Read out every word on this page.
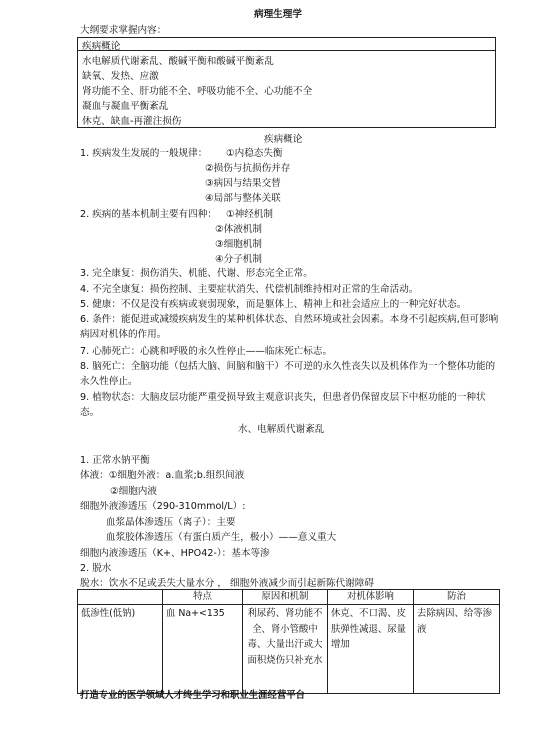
病理生理学
大纲要求掌握内容：
疾病概论
水电解质代谢紊乱、酸碱平衡和酸碱平衡紊乱
缺氧、发热、应激
肾功能不全、肝功能不全、呼吸功能不全、心功能不全
凝血与凝血平衡紊乱
休克、缺血-再灌注损伤
疾病概论
1. 疾病发生发展的一般规律： ①内稳态失衡
②损伤与抗损伤并存
③病因与结果交替
④局部与整体关联
2. 疾病的基本机制主要有四种： ①神经机制
②体液机制
③细胞机制
④分子机制
3. 完全康复：损伤消失、机能、代谢、形态完全正常。
4. 不完全康复：损伤控制、主要症状消失、代偿机制维持相对正常的生命活动。
5. 健康：不仅是没有疾病或衰弱现象，而是躯体上、精神上和社会适应上的一种完好状态。
6. 条件：能促进或减缓疾病发生的某种机体状态、自然环境或社会因素。本身不引起疾病,但可影响病因对机体的作用。
7. 心肺死亡：心跳和呼吸的永久性停止——临床死亡标志。
8. 脑死亡：全脑功能（包括大脑、间脑和脑干）不可逆的永久性丧失以及机体作为一个整体功能的永久性停止。
9. 植物状态：大脑皮层功能严重受损导致主观意识丧失，但患者仍保留皮层下中枢功能的一种状态。
水、电解质代谢紊乱
1. 正常水钠平衡
体液：①细胞外液：a.血浆;b.组织间液
②细胞内液
细胞外液渗透压（290-310mmol/L）:
血浆晶体渗透压（离子）：主要
血浆胶体渗透压（有蛋白质产生，极小）——意义重大
细胞内液渗透压（K+、HPO42-）：基本等渗
2. 脱水
脱水：饮水不足或丢失大量水分 ， 细胞外液减少而引起新陈代谢障碍
	特点	原因和机制	对机体影响	防治
低渗性(低钠)	血 Na+<135	利尿药、肾功能不全、肾小管酸中毒、大量出汗或大面积烧伤只补充水	休克、不口渴、皮肤弹性减退、尿量增加	去除病因、给等渗液
打造专业的医学领域人才终生学习和职业生涯经营平台
